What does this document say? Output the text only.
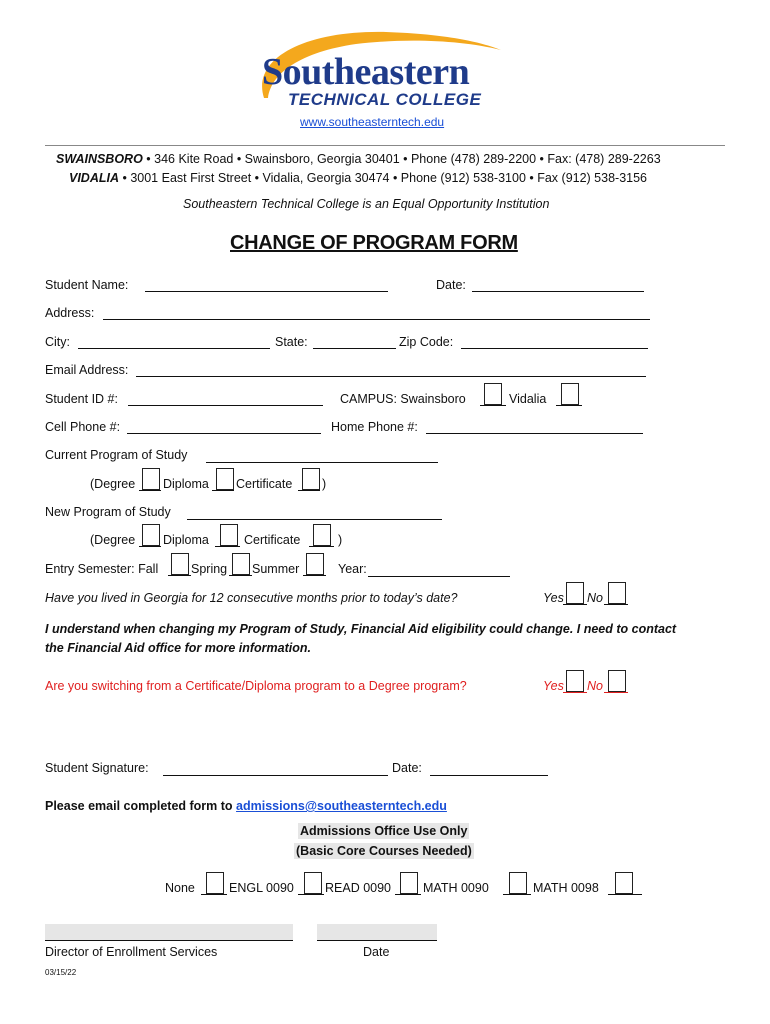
Southeastern
TECHNICAL COLLEGE
www.southeasterntech.edu
SWAINSBORO • 346 Kite Road • Swainsboro, Georgia 30401 • Phone (478) 289-2200 • Fax: (478) 289-2263
VIDALIA • 3001 East First Street • Vidalia, Georgia 30474 • Phone (912) 538-3100 • Fax (912) 538-3156
Southeastern Technical College is an Equal Opportunity Institution
CHANGE OF PROGRAM FORM
Student Name:	Date:
Address:
City:	State:	Zip Code:
Email Address:
Student ID #:	CAMPUS: Swainsboro	Vidalia
Cell Phone #:	Home Phone #:
Current Program of Study
(Degree Diploma Certificate )
New Program of Study
(Degree Diploma	Certificate	)
Entry Semester: Fall	Spring Summer	Year:
Have you lived in Georgia for 12 consecutive months prior to today’s date?	Yes No
I understand when changing my Program of Study, Financial Aid eligibility could change. I need to contact
the Financial Aid office for more information.
Are you switching from a Certificate/Diploma program to a Degree program?	Yes No
Student Signature:	Date:
Please email completed form to admissions@southeasterntech.edu
Admissions Office Use Only
(Basic Core Courses Needed)
None	ENGL 0090 READ 0090	MATH 0090	MATH 0098
Director of Enrollment Services	Date
03/15/22
